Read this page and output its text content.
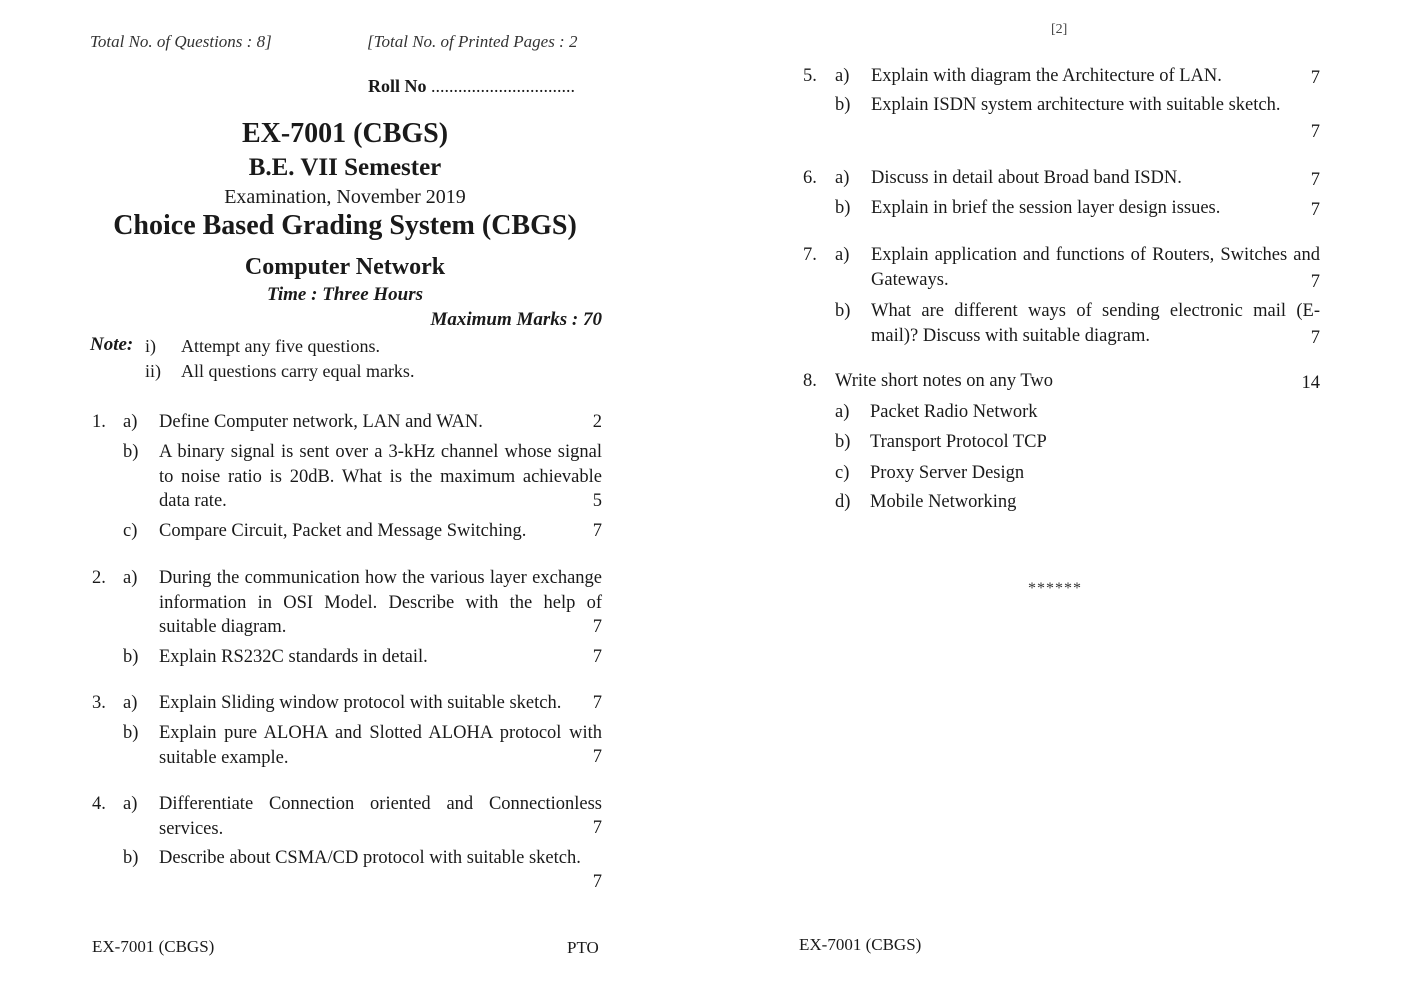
Total No. of Questions : 8]	[Total No. of Printed Pages : 2
Roll No ................................
EX-7001 (CBGS)
B.E. VII Semester
Examination, November 2019
Choice Based Grading System (CBGS)
Computer Network
Time : Three Hours
Maximum Marks : 70
Note: i) Attempt any five questions.
ii) All questions carry equal marks.
1. a) Define Computer network, LAN and WAN.	2
b) A binary signal is sent over a 3-kHz channel whose signal to noise ratio is 20dB. What is the maximum achievable data rate.	5
c) Compare Circuit, Packet and Message Switching.	7
2. a) During the communication how the various layer exchange information in OSI Model. Describe with the help of suitable diagram.	7
b) Explain RS232C standards in detail.	7
3. a) Explain Sliding window protocol with suitable sketch.	7
b) Explain pure ALOHA and Slotted ALOHA protocol with suitable example.	7
4. a) Differentiate Connection oriented and Connectionless services.	7
b) Describe about CSMA/CD protocol with suitable sketch.
7
EX-7001 (CBGS)	PTO
[2]
5. a) Explain with diagram the Architecture of LAN.	7
b) Explain ISDN system architecture with suitable sketch.
7
6. a) Discuss in detail about Broad band ISDN.	7
b) Explain in brief the session layer design issues.	7
7. a) Explain application and functions of Routers, Switches and Gateways.	7
b) What are different ways of sending electronic mail (E-mail)? Discuss with suitable diagram.	7
8. Write short notes on any Two	14
a) Packet Radio Network
b) Transport Protocol TCP
c) Proxy Server Design
d) Mobile Networking
******
EX-7001 (CBGS)
